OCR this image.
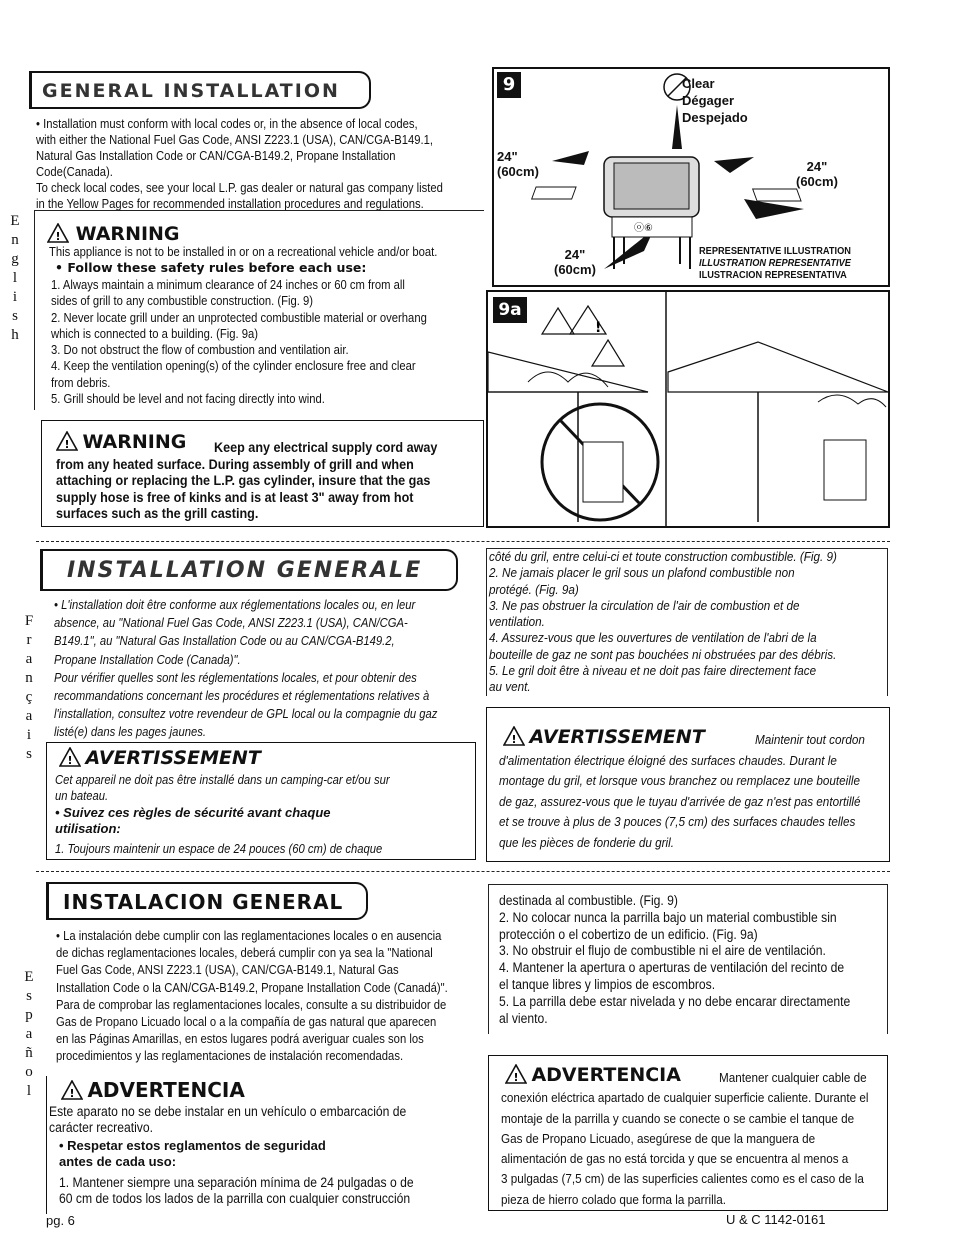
E
n
g
l
i
s
h
F
r
a
n
ç
a
i
s
E
s
p
a
ñ
o
l
GENERAL INSTALLATION
• Installation must conform with local codes or, in the absence of local codes,
with either the National Fuel Gas Code, ANSI Z223.1 (USA), CAN/CGA-B149.1,
Natural Gas Installation Code or CAN/CGA-B149.2, Propane Installation
Code(Canada).
To check local codes, see your local L.P. gas dealer or natural gas company listed
in the Yellow Pages for recommended installation procedures and regulations.
! WARNING
This appliance is not to be installed in or on a recreational vehicle and/or boat.
• Follow these safety rules before each use:
1. Always maintain a minimum clearance of 24 inches or 60 cm from all
sides of grill to any combustible construction. (Fig. 9)
2. Never locate grill under an unprotected combustible material or overhang
which is connected to a building. (Fig. 9a)
3. Do not obstruct the flow of combustion and ventilation air.
4. Keep the ventilation opening(s) of the cylinder enclosure free and clear
from debris.
5. Grill should be level and not facing directly into wind.
! WARNING Keep any electrical supply cord away
from any heated surface. During assembly of grill and when
attaching or replacing the L.P. gas cylinder, insure that the gas
supply hose is free of kinks and is at least 3" away from hot
surfaces such as the grill casting.
9
ⓞ⑥
Clear
Dégager
Despejado
24"
(60cm)	24"
(60cm)
24"
(60cm)
REPRESENTATIVE ILLUSTRATION
ILLUSTRATION REPRESENTATIVE
ILUSTRACION REPRESENTATIVA
9a
!
INSTALLATION GENERALE
• L'installation doit être conforme aux réglementations locales ou, en leur
absence, au "National Fuel Gas Code, ANSI Z223.1 (USA), CAN/CGA-
B149.1", au "Natural Gas Installation Code ou au CAN/CGA-B149.2,
Propane Installation Code (Canada)".
Pour vérifier quelles sont les réglementations locales, et pour obtenir des
recommandations concernant les procédures et réglementations relatives à
l'installation, consultez votre revendeur de GPL local ou la compagnie du gaz
listé(e) dans les pages jaunes.
! AVERTISSEMENT
Cet appareil ne doit pas être installé dans un camping-car et/ou sur
un bateau.
• Suivez ces règles de sécurité avant chaque
utilisation:
1. Toujours maintenir un espace de 24 pouces (60 cm) de chaque
côté du gril, entre celui-ci et toute construction combustible. (Fig. 9)
2. Ne jamais placer le gril sous un plafond combustible non
protégé. (Fig. 9a)
3. Ne pas obstruer la circulation de l'air de combustion et de
ventilation.
4. Assurez-vous que les ouvertures de ventilation de l'abri de la
bouteille de gaz ne sont pas bouchées ni obstruées par des débris.
5. Le gril doit être à niveau et ne doit pas faire directement face
au vent.
! AVERTISSEMENT	Maintenir tout cordon
d'alimentation électrique éloigné des surfaces chaudes. Durant le
montage du gril, et lorsque vous branchez ou remplacez une bouteille
de gaz, assurez-vous que le tuyau d'arrivée de gaz n'est pas entortillé
et se trouve à plus de 3 pouces (7,5 cm) des surfaces chaudes telles
que les pièces de fonderie du gril.
INSTALACION GENERAL
• La instalación debe cumplir con las reglamentaciones locales o en ausencia
de dichas reglamentaciones locales, deberá cumplir con ya sea la "National
Fuel Gas Code, ANSI Z223.1 (USA), CAN/CGA-B149.1, Natural Gas
Installation Code o la CAN/CGA-B149.2, Propane Installation Code (Canadá)".
Para de comprobar las reglamentaciones locales, consulte a su distribuidor de
Gas de Propano Licuado local o a la compañía de gas natural que aparecen
en las Páginas Amarillas, en estos lugares podrá averiguar cuales son los
procedimientos y las reglamentaciones de instalación recomendadas.
! ADVERTENCIA
Este aparato no se debe instalar en un vehículo o embarcación de
carácter recreativo.
• Respetar estos reglamentos de seguridad
antes de cada uso:
1. Mantener siempre una separación mínima de 24 pulgadas o de
60 cm de todos los lados de la parrilla con cualquier construcción
destinada al combustible. (Fig. 9)
2. No colocar nunca la parrilla bajo un material combustible sin
protección o el cobertizo de un edificio. (Fig. 9a)
3. No obstruir el flujo de combustible ni el aire de ventilación.
4. Mantener la apertura o aperturas de ventilación del recinto de
el tanque libres y limpios de escombros.
5. La parrilla debe estar nivelada y no debe encarar directamente
al viento.
! ADVERTENCIA	Mantener cualquier cable de
conexión eléctrica apartado de cualquier superficie caliente. Durante el
montaje de la parrilla y cuando se conecte o se cambie el tanque de
Gas de Propano Licuado, asegúrese de que la manguera de
alimentación de gas no está torcida y que se encuentra al menos a
3 pulgadas (7,5 cm) de las superficies calientes como es el caso de la
pieza de hierro colado que forma la parrilla.
pg. 6	U & C 1142-0161
